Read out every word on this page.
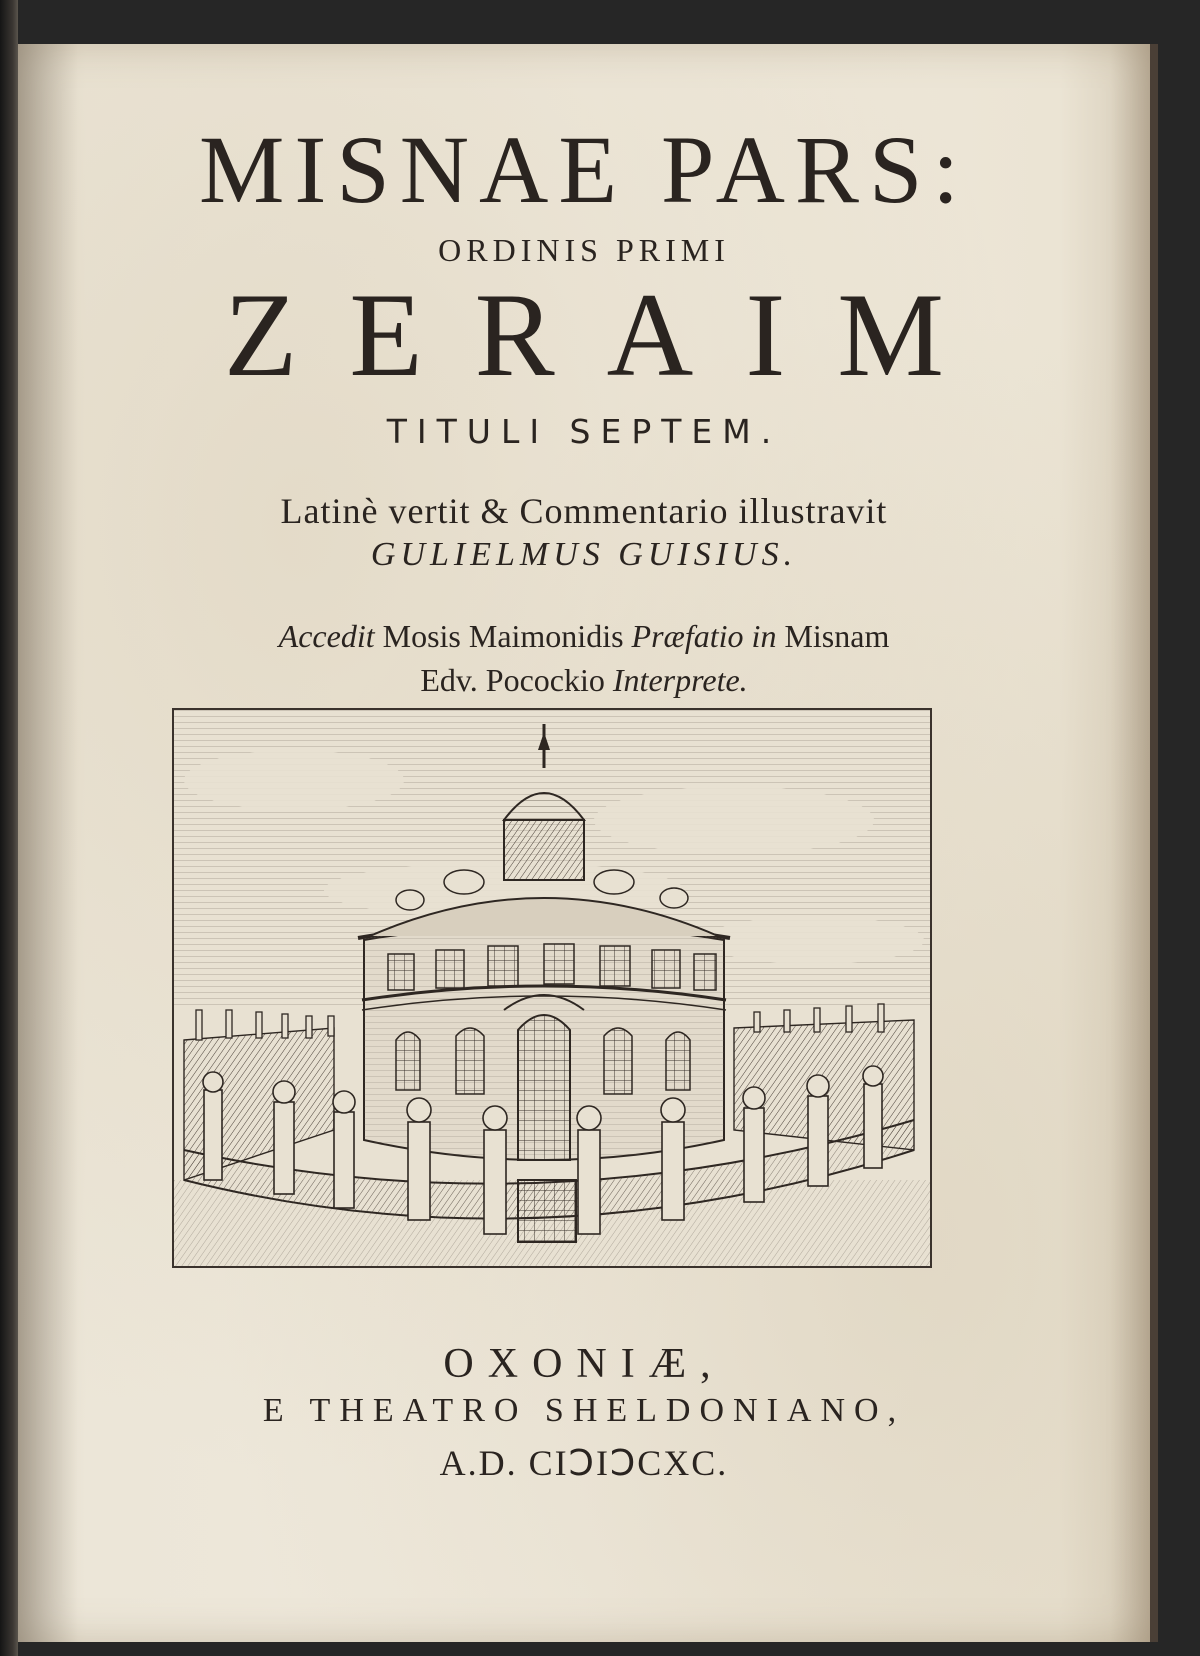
MISNAE PARS:
ORDINIS PRIMI
ZERAIM
TITULI SEPTEM.
Latinè vertit & Commentario illustravit
GULIELMUS GUISIUS.
Accedit Mosis Maimonidis Præfatio in Misnam
Edv. Pocockio Interprete.
OXONIÆ,
E THEATRO SHELDONIANO,
A.D. CIↃIↃCXC.
